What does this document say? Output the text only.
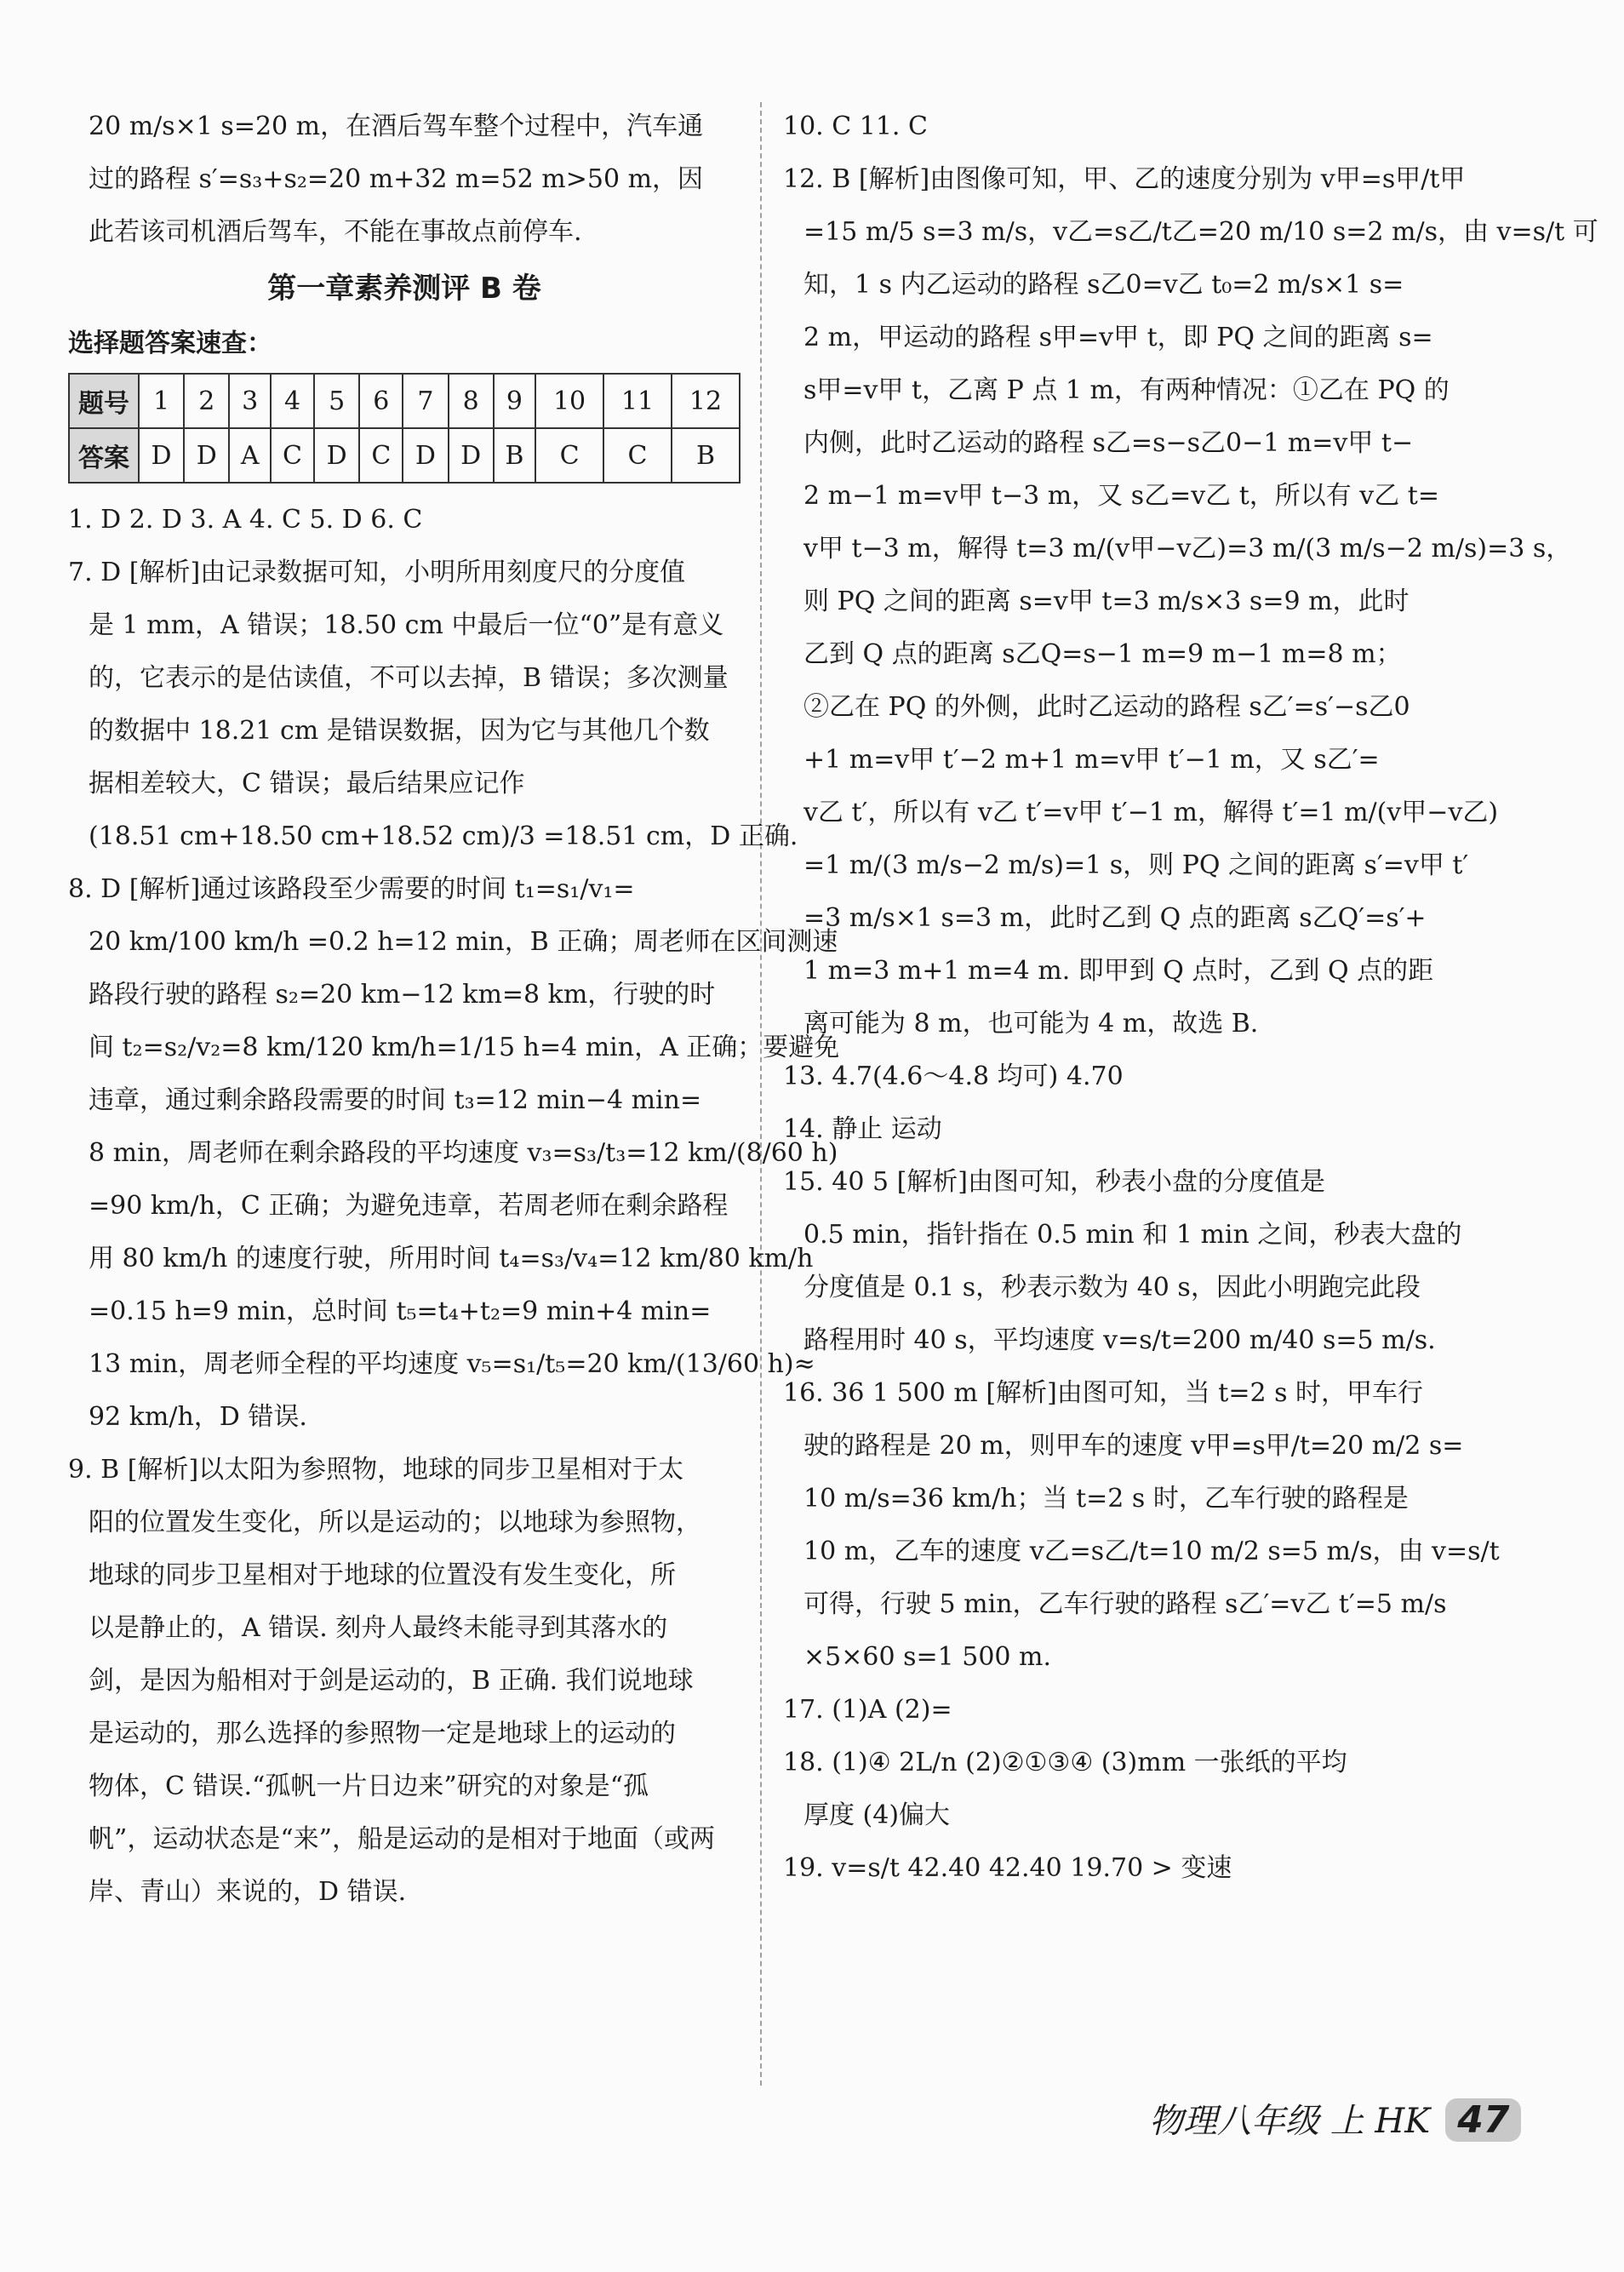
20 m/s×1 s=20 m，在酒后驾车整个过程中，汽车通
过的路程 s′=s₃+s₂=20 m+32 m=52 m>50 m，因
此若该司机酒后驾车，不能在事故点前停车.
第一章素养测评 B 卷
选择题答案速查：
题号	1	2	3	4	5	6	7	8	9	10	11	12
答案	D	D	A	C	D	C	D	D	B	C	C	B
1. D 2. D 3. A 4. C 5. D 6. C
7. D [解析]由记录数据可知，小明所用刻度尺的分度值
是 1 mm，A 错误；18.50 cm 中最后一位“0”是有意义
的，它表示的是估读值，不可以去掉，B 错误；多次测量
的数据中 18.21 cm 是错误数据，因为它与其他几个数
据相差较大，C 错误；最后结果应记作
(18.51 cm+18.50 cm+18.52 cm)/3 =18.51 cm，D 正确.
8. D [解析]通过该路段至少需要的时间 t₁=s₁/v₁=
20 km/100 km/h =0.2 h=12 min，B 正确；周老师在区间测速
路段行驶的路程 s₂=20 km−12 km=8 km，行驶的时
间 t₂=s₂/v₂=8 km/120 km/h=1/15 h=4 min，A 正确；要避免
违章，通过剩余路段需要的时间 t₃=12 min−4 min=
8 min，周老师在剩余路段的平均速度 v₃=s₃/t₃=12 km/(8/60 h)
=90 km/h，C 正确；为避免违章，若周老师在剩余路程
用 80 km/h 的速度行驶，所用时间 t₄=s₃/v₄=12 km/80 km/h
=0.15 h=9 min，总时间 t₅=t₄+t₂=9 min+4 min=
13 min，周老师全程的平均速度 v₅=s₁/t₅=20 km/(13/60 h)≈
92 km/h，D 错误.
9. B [解析]以太阳为参照物，地球的同步卫星相对于太
阳的位置发生变化，所以是运动的；以地球为参照物，
地球的同步卫星相对于地球的位置没有发生变化，所
以是静止的，A 错误. 刻舟人最终未能寻到其落水的
剑，是因为船相对于剑是运动的，B 正确. 我们说地球
是运动的，那么选择的参照物一定是地球上的运动的
物体，C 错误.“孤帆一片日边来”研究的对象是“孤
帆”，运动状态是“来”，船是运动的是相对于地面（或两
岸、青山）来说的，D 错误.
10. C 11. C
12. B [解析]由图像可知，甲、乙的速度分别为 v甲=s甲/t甲
=15 m/5 s=3 m/s，v乙=s乙/t乙=20 m/10 s=2 m/s，由 v=s/t 可
知，1 s 内乙运动的路程 s乙0=v乙 t₀=2 m/s×1 s=
2 m，甲运动的路程 s甲=v甲 t，即 PQ 之间的距离 s=
s甲=v甲 t，乙离 P 点 1 m，有两种情况：①乙在 PQ 的
内侧，此时乙运动的路程 s乙=s−s乙0−1 m=v甲 t−
2 m−1 m=v甲 t−3 m，又 s乙=v乙 t，所以有 v乙 t=
v甲 t−3 m，解得 t=3 m/(v甲−v乙)=3 m/(3 m/s−2 m/s)=3 s，
则 PQ 之间的距离 s=v甲 t=3 m/s×3 s=9 m，此时
乙到 Q 点的距离 s乙Q=s−1 m=9 m−1 m=8 m；
②乙在 PQ 的外侧，此时乙运动的路程 s乙′=s′−s乙0
+1 m=v甲 t′−2 m+1 m=v甲 t′−1 m，又 s乙′=
v乙 t′，所以有 v乙 t′=v甲 t′−1 m，解得 t′=1 m/(v甲−v乙)
=1 m/(3 m/s−2 m/s)=1 s，则 PQ 之间的距离 s′=v甲 t′
=3 m/s×1 s=3 m，此时乙到 Q 点的距离 s乙Q′=s′+
1 m=3 m+1 m=4 m. 即甲到 Q 点时，乙到 Q 点的距
离可能为 8 m，也可能为 4 m，故选 B.
13. 4.7(4.6～4.8 均可) 4.70
14. 静止 运动
15. 40 5 [解析]由图可知，秒表小盘的分度值是
0.5 min，指针指在 0.5 min 和 1 min 之间，秒表大盘的
分度值是 0.1 s，秒表示数为 40 s，因此小明跑完此段
路程用时 40 s，平均速度 v=s/t=200 m/40 s=5 m/s.
16. 36 1 500 m [解析]由图可知，当 t=2 s 时，甲车行
驶的路程是 20 m，则甲车的速度 v甲=s甲/t=20 m/2 s=
10 m/s=36 km/h；当 t=2 s 时，乙车行驶的路程是
10 m，乙车的速度 v乙=s乙/t=10 m/2 s=5 m/s，由 v=s/t
可得，行驶 5 min，乙车行驶的路程 s乙′=v乙 t′=5 m/s
×5×60 s=1 500 m.
17. (1)A (2)=
18. (1)④ 2L/n (2)②①③④ (3)mm 一张纸的平均
厚度 (4)偏大
19. v=s/t 42.40 42.40 19.70 > 变速
物理八年级 上 HK 47
